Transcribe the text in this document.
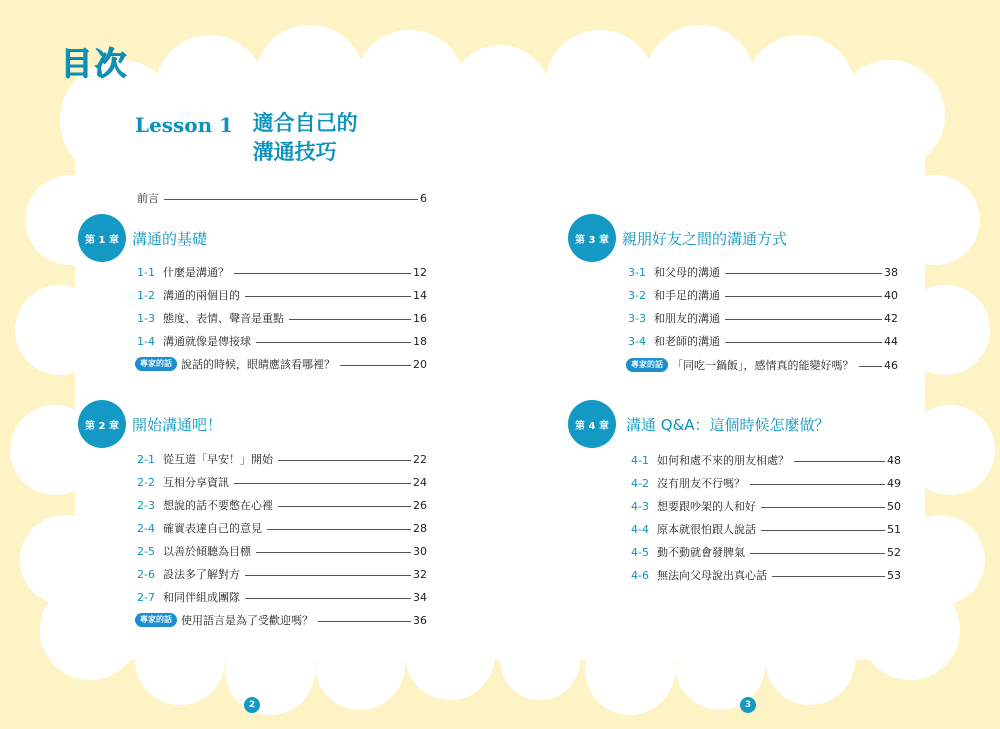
目次
Lesson 1 適合自己的
溝通技巧
前言	6
第 1 章 溝通的基礎
1-1 什麼是溝通？	12
1-2 溝通的兩個目的	14
1-3 態度、表情、聲音是重點	16
1-4 溝通就像是傳接球	18
專家的話 說話的時候，眼睛應該看哪裡？	20
第 2 章 開始溝通吧！
2-1 從互道「早安！」開始	22
2-2 互相分享資訊	24
2-3 想說的話不要憋在心裡	26
2-4 確實表達自己的意見	28
2-5 以善於傾聽為目標	30
2-6 設法多了解對方	32
2-7 和同伴組成團隊	34
專家的話 使用語言是為了受歡迎嗎？	36
第 3 章 親朋好友之間的溝通方式
3-1 和父母的溝通	38
3-2 和手足的溝通	40
3-3 和朋友的溝通	42
3-4 和老師的溝通	44
專家的話 「同吃一鍋飯」，感情真的能變好嗎？	46
第 4 章	溝通 Q&A：這個時候怎麼做？
4-1 如何和處不來的朋友相處？	48
4-2 沒有朋友不行嗎？	49
4-3 想要跟吵架的人和好	50
4-4 原本就很怕跟人說話	51
4-5 動不動就會發脾氣	52
4-6 無法向父母說出真心話	53
2	3
